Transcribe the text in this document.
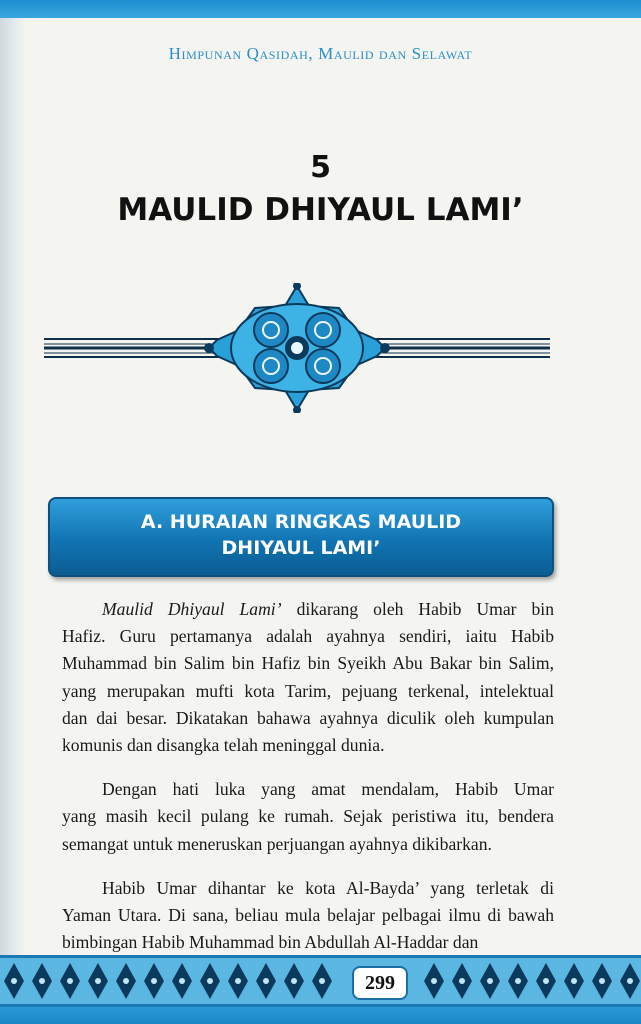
Himpunan Qasidah, Maulid dan Selawat
5
MAULID DHIYAUL LAMI’
A. HURAIAN RINGKAS MAULID
DHIYAUL LAMI’
Maulid Dhiyaul Lami’ dikarang oleh Habib Umar bin
Hafiz. Guru pertamanya adalah ayahnya sendiri, iaitu Habib
Muhammad bin Salim bin Hafiz bin Syeikh Abu Bakar bin Salim,
yang merupakan mufti kota Tarim, pejuang terkenal, intelektual
dan dai besar. Dikatakan bahawa ayahnya diculik oleh kumpulan
komunis dan disangka telah meninggal dunia.
Dengan hati luka yang amat mendalam, Habib Umar
yang masih kecil pulang ke rumah. Sejak peristiwa itu, bendera
semangat untuk meneruskan perjuangan ayahnya dikibarkan.
Habib Umar dihantar ke kota Al-Bayda’ yang terletak di
Yaman Utara. Di sana, beliau mula belajar pelbagai ilmu di bawah
bimbingan Habib Muhammad bin Abdullah Al-Haddar dan
299
